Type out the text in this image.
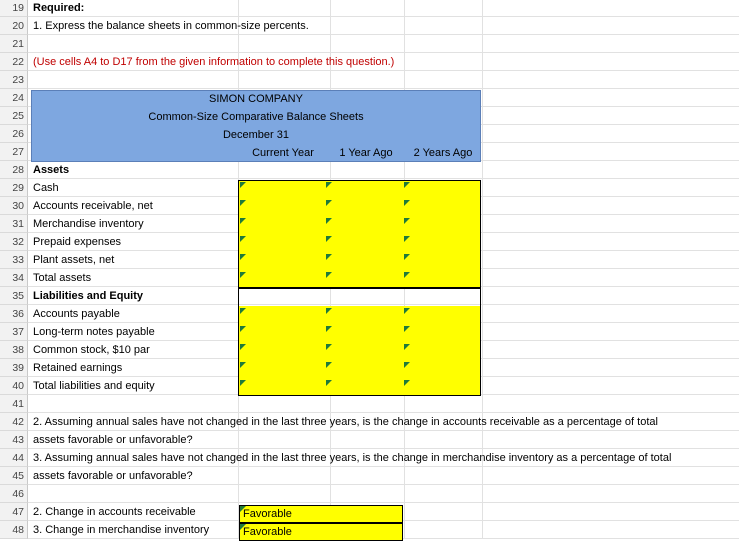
19 Required:
20 1. Express the balance sheets in common-size percents.
21
22 (Use cells A4 to D17 from the given information to complete this question.)
23
24
25
26
27
28 Assets
29 Cash
30 Accounts receivable, net
31 Merchandise inventory
32 Prepaid expenses
33 Plant assets, net
34 Total assets
35 Liabilities and Equity
36 Accounts payable
37 Long-term notes payable
38 Common stock, $10 par
39 Retained earnings
40 Total liabilities and equity
41
42 2. Assuming annual sales have not changed in the last three years, is the change in accounts receivable as a percentage of total
43 assets favorable or unfavorable?
44 3. Assuming annual sales have not changed in the last three years, is the change in merchandise inventory as a percentage of total
45 assets favorable or unfavorable?
46
47 2. Change in accounts receivable
48 3. Change in merchandise inventory
SIMON COMPANY
Common-Size Comparative Balance Sheets
December 31
Current Year	1 Year Ago	2 Years Ago
Favorable
Favorable
